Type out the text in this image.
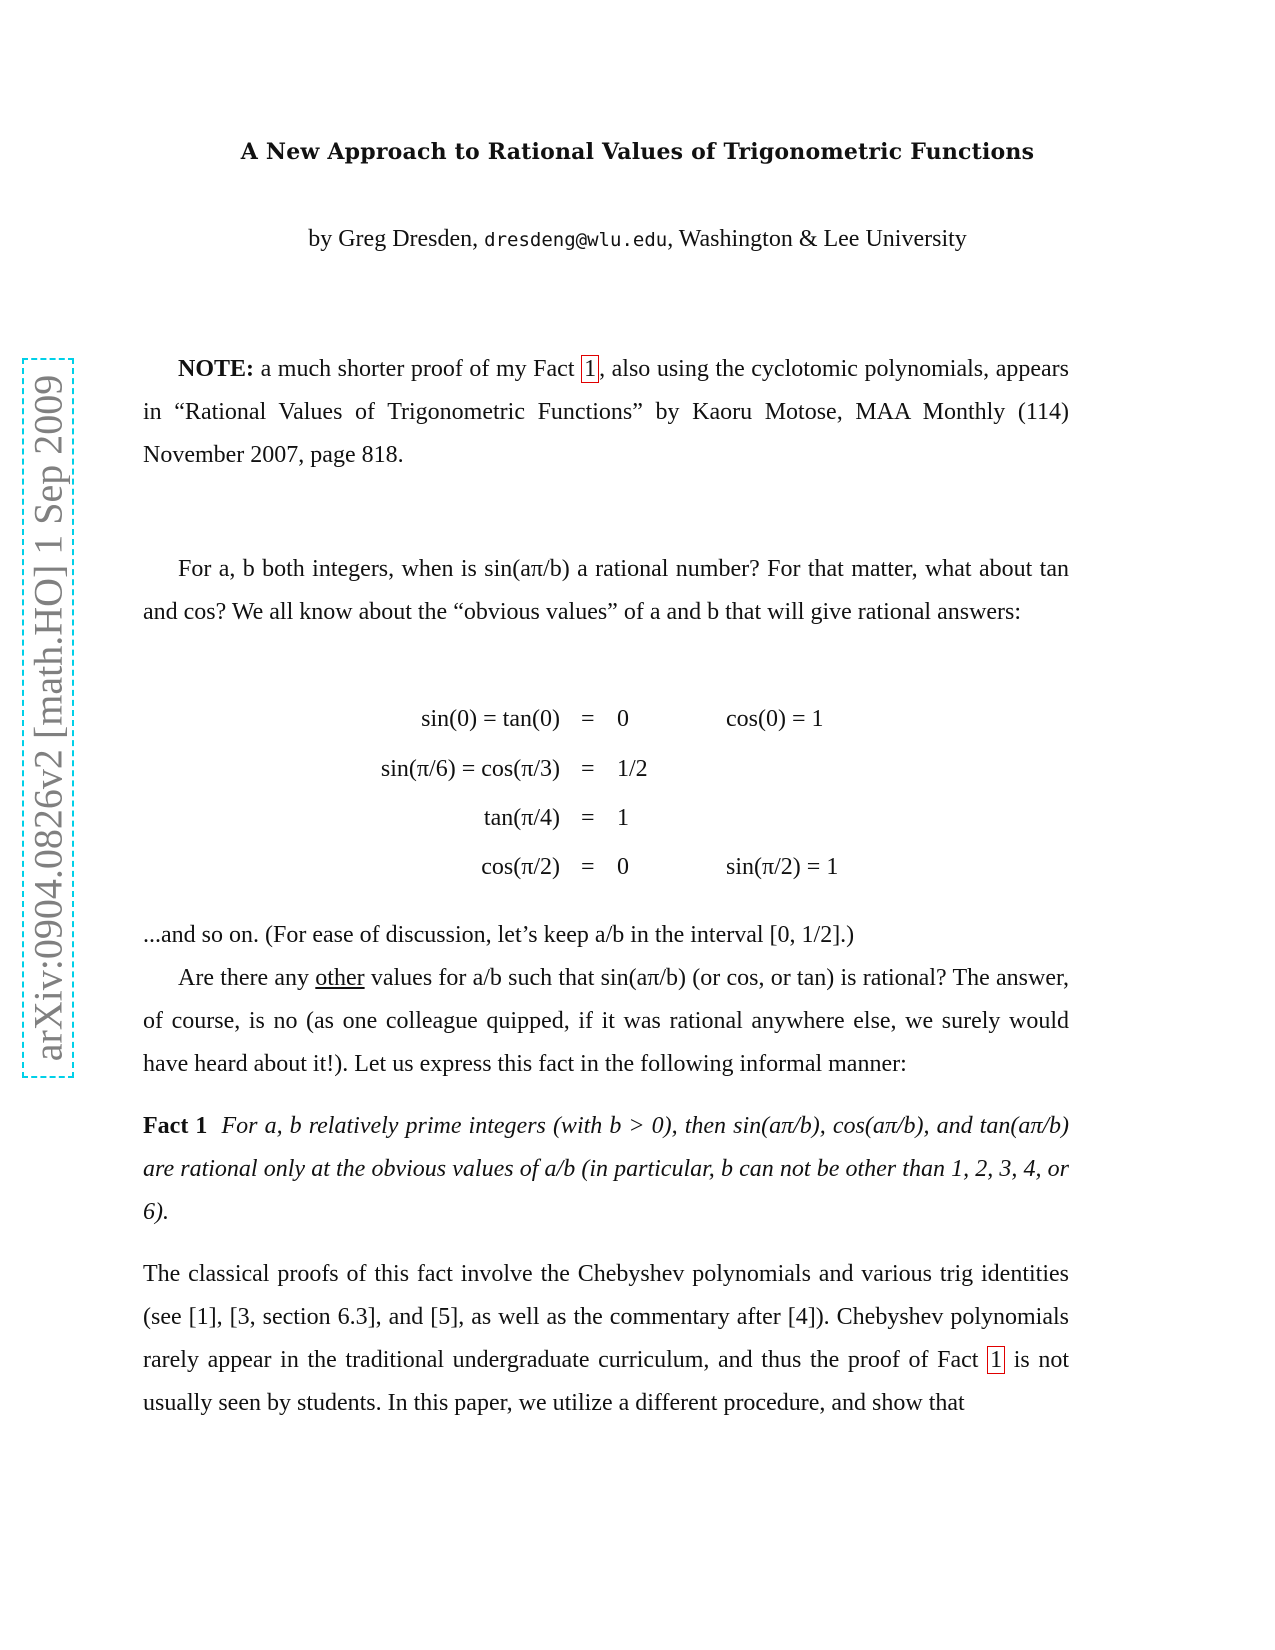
A New Approach to Rational Values of Trigonometric Functions
by Greg Dresden, dresdeng@wlu.edu, Washington & Lee University
arXiv:0904.0826v2 [math.HO] 1 Sep 2009
NOTE: a much shorter proof of my Fact 1 , also using the cyclotomic polynomials, appears in “Rational Values of Trigonometric Functions” by Kaoru Motose, MAA Monthly (114) November 2007, page 818.
For a, b both integers, when is sin(aπ/b) a rational number? For that matter, what about tan and cos? We all know about the “obvious values” of a and b that will give rational answers:
sin(0) = tan(0) = 0	cos(0) = 1
sin(π/6) = cos(π/3) = 1/2
tan(π/4) = 1
cos(π/2) = 0	sin(π/2) = 1
...and so on. (For ease of discussion, let’s keep a/b in the interval [0, 1/2].)
Are there any other values for a/b such that sin(aπ/b) (or cos, or tan) is rational? The answer, of course, is no (as one colleague quipped, if it was rational anywhere else, we surely would have heard about it!). Let us express this fact in the following informal manner:
Fact 1 For a, b relatively prime integers (with b > 0), then sin(aπ/b), cos(aπ/b), and tan(aπ/b) are rational only at the obvious values of a/b (in particular, b can not be other than 1, 2, 3, 4, or 6).
The classical proofs of this fact involve the Chebyshev polynomials and various trig identities (see [1], [3, section 6.3], and [5], as well as the commentary after [4]). Chebyshev polynomials rarely appear in the traditional undergraduate curriculum, and thus the proof of Fact 1 is not usually seen by students. In this paper, we utilize a different procedure, and show that
